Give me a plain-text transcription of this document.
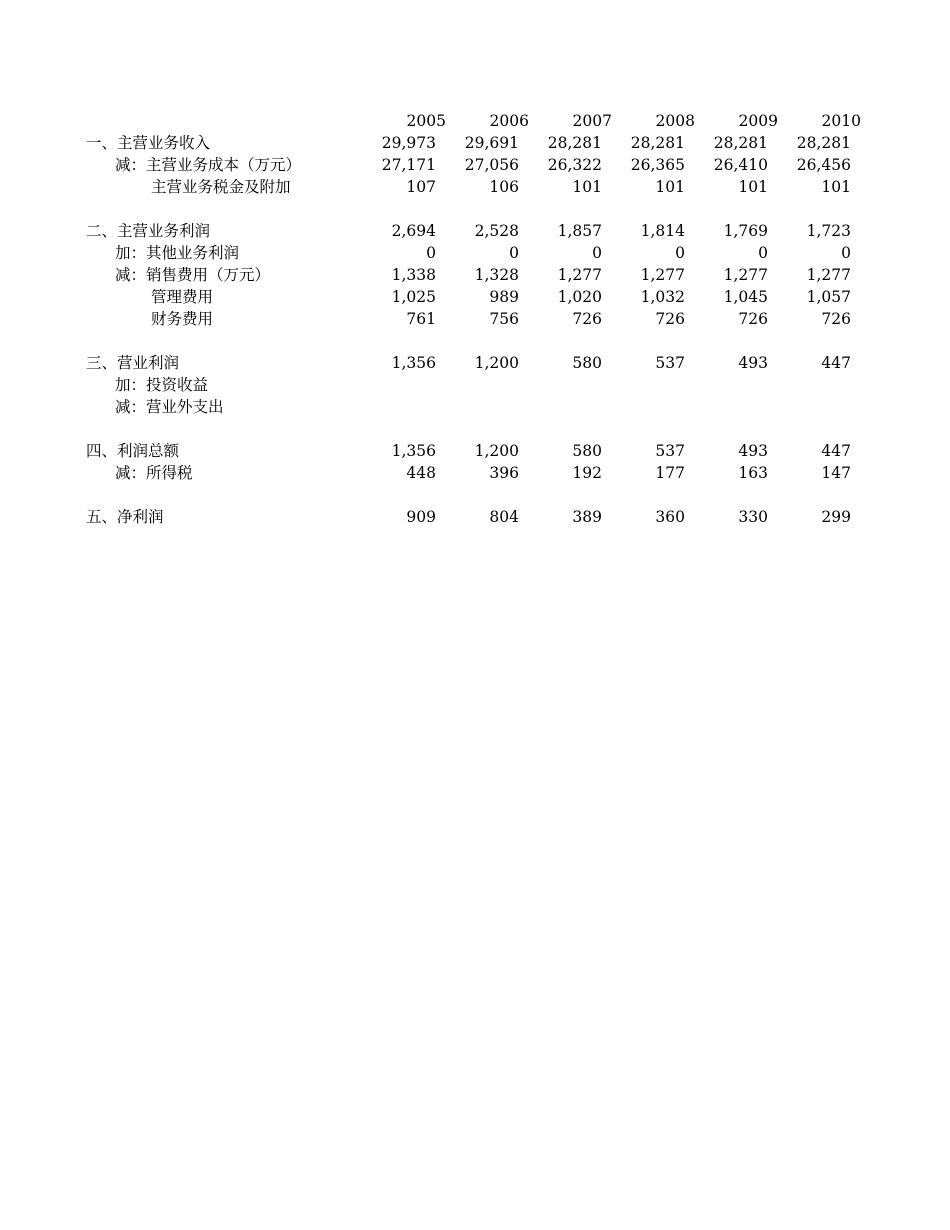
	2005	2006	2007	2008	2009	2010
一、主营业务收入	29,973	29,691	28,281	28,281	28,281	28,281
减：主营业务成本（万元）	27,171	27,056	26,322	26,365	26,410	26,456
主营业务税金及附加	107	106	101	101	101	101

二、主营业务利润	2,694	2,528	1,857	1,814	1,769	1,723
加：其他业务利润	0	0	0	0	0	0
减：销售费用（万元）	1,338	1,328	1,277	1,277	1,277	1,277
管理费用	1,025	989	1,020	1,032	1,045	1,057
财务费用	761	756	726	726	726	726

三、营业利润	1,356	1,200	580	537	493	447
加：投资收益						
减：营业外支出						

四、利润总额	1,356	1,200	580	537	493	447
减：所得税	448	396	192	177	163	147

五、净利润	909	804	389	360	330	299
